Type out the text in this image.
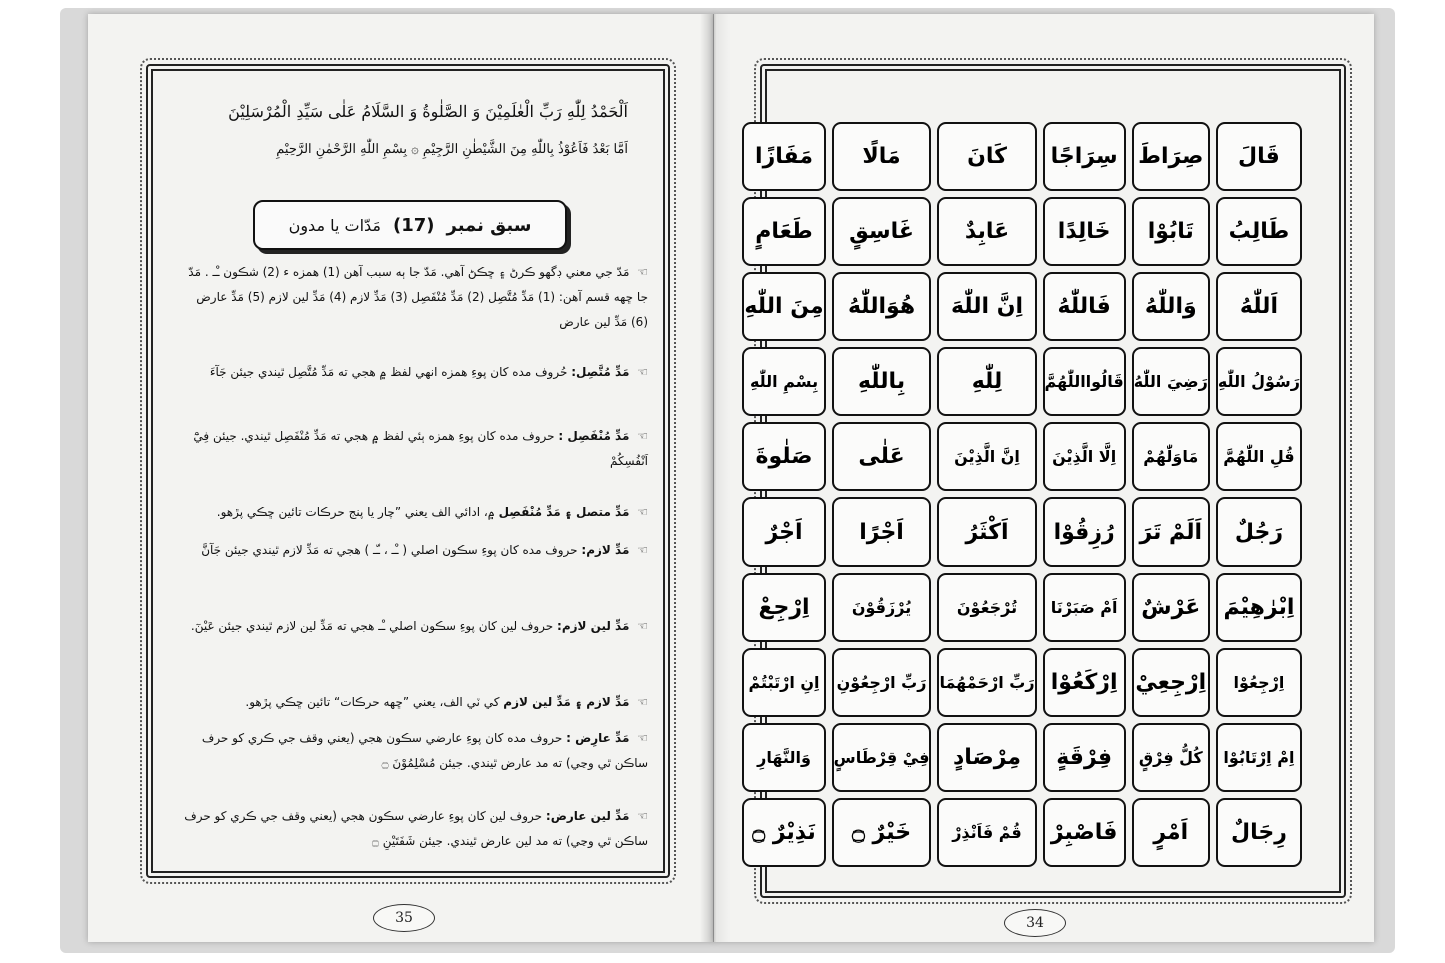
اَلْحَمْدُ لِلّٰهِ رَبِّ الْعٰلَمِيْنَ وَ الصَّلٰوةُ وَ السَّلَامُ عَلٰى سَيِّدِ الْمُرْسَلِيْنَ
اَمَّا بَعْدُ فَاَعُوْذُ بِاللّٰهِ مِنَ الشَّيْطٰنِ الرَّجِيْمِ ۞ بِسْمِ اللّٰهِ الرَّحْمٰنِ الرَّحِيْمِ
سبق نمبر
(17)
مَدّات يا مدون
☜ مَدّ جي معني ڊگهو ڪرڻ ۽ ڇڪڻ آهي. مَدّ جا ٻه سبب آهن (1) همزه ء (2) شڪون ـْـ . مَدّ جا ڇهه قسم آهن: (1) مَدِّ مُتَّصِل (2) مَدِّ مُنْفَصِل (3) مَدِّ لازم (4) مَدِّ لين لازم (5) مَدِّ عارض (6) مَدِّ لين عارض
☜ مَدِّ مُتَّصِل: حُروف مده کان پوءِ همزه انهي لفظ ۾ هجي ته مَدِّ مُتَّصِل ٿيندي جيئن جَآءَ
☜ مَدِّ مُنْفَصِل : حروف مده کان پوءِ همزه ٻئي لفظ ۾ هجي ته مَدِّ مُنْفَصِل ٿيندي. جيئن فِيْٓ اَنْفُسِكُمْ
☜ مَدِّ متصل ۽ مَدِّ مُنْفَصِل ۾، ادائي الف يعني ”چار يا پنج حرڪات تائين ڇڪي پڙهو.
☜ مَدِّ لازم: حروف مده کان پوءِ سڪون اصلي ( ـْـ ، ـّـ ) هجي ته مَدِّ لازم ٿيندي جيئن جَآنَّ
☜ مَدِّ لين لازم: حروف لين کان پوءِ سڪون اصلي ـْـ هجي ته مَدِّ لين لازم ٿيندي جيئن عَيْنٓ.
☜ مَدِّ لازم ۽ مَدِّ لين لازم کي ٽي الف، يعني ”ڇهه حرڪات“ تائين ڇڪي پڙهو.
☜ مَدِّ عارِض : حروف مده کان پوءِ عارضي سڪون هجي (يعني وقف جي ڪري کو حرف ساڪن ٿي وڃي) ته مد عارض ٿيندي. جيئن مُسْلِمُوْنَ ۝
☜ مَدِّ لين عارض: حروف لين کان پوءِ عارضي سڪون هجي (يعني وقف جي ڪري کو حرف ساڪن ٿي وڃي) ته مد لين عارض ٿيندي. جيئن شَفَتَيْنِ ۝
35
قَالَ
صِرَاطَ
سِرَاجًا
كَانَ
مَالًا
مَفَازًا
طَالِبُ
تَابُوْا
خَالِدًا
عَابِدٌ
غَاسِقٍ
طَعَامٍ
اَللّٰهُ
وَاللّٰهُ
فَاللّٰهُ
اِنَّ اللّٰهَ
هُوَاللّٰهُ
مِنَ اللّٰهِ
رَسُوْلُ اللّٰهِ
رَضِيَ اللّٰهُ
قَالُوااللّٰهُمَّ
لِلّٰهِ
بِاللّٰهِ
بِسْمِ اللّٰهِ
قُلِ اللّٰهُمَّ
مَاوَلّٰهُمْ
اِلَّا الَّذِيْنَ
اِنَّ الَّذِيْنَ
عَلٰى
صَلٰوةَ
رَجُلٌ
اَلَمْ تَرَ
رُزِقُوْا
اَكْثَرُ
اَجْرًا
اَجْرٌ
اِبْرٰهِيْمَ
عَرْشٌ
اَمْ صَبَرْنَا
تُرْجَعُوْنَ
يُرْزَقُوْنَ
اِرْجِعْ
اِرْجِعُوْا
اِرْجِعِيْ
اِرْكَعُوْا
رَبِّ ارْحَمْهُمَا
رَبِّ ارْجِعُوْنِ
اِنِ ارْتَبْتُمْ
اِمْ اِرْتَابُوْا
كُلُّ فِرْقٍ
فِرْقَةٍ
مِرْصَادٍ
فِيْ قِرْطَاسٍ
وَالنَّهَارِ
رِجَالٌ
اَمْرٍ
فَاصْبِرْ
قُمْ فَاَنْذِرْ
خَيْرٌ ۝
نَذِيْرٌ ۝
34
